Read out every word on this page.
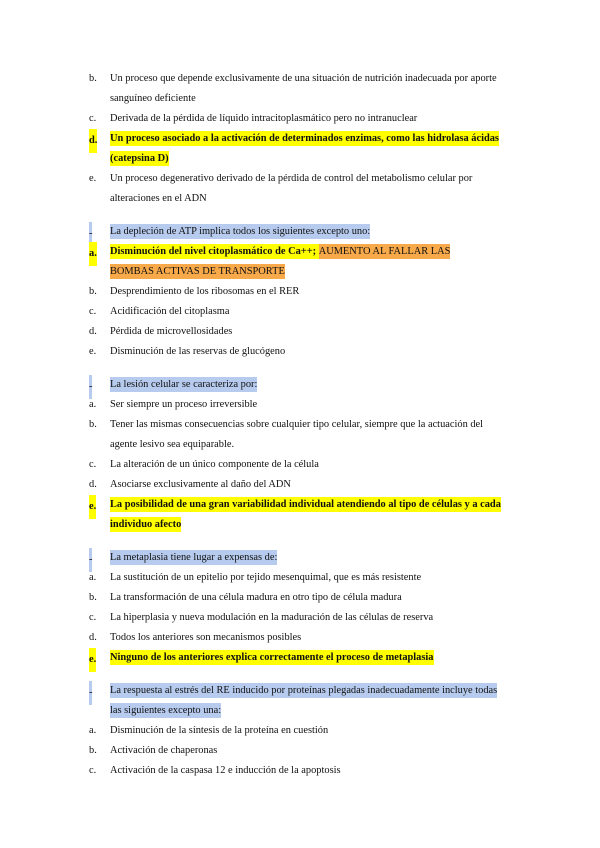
b. Un proceso que depende exclusivamente de una situación de nutrición inadecuada por aporte
sanguíneo deficiente
c. Derivada de la pérdida de líquido intracitoplasmático pero no intranuclear
d. Un proceso asociado a la activación de determinados enzimas, como las hidrolasa ácidas
(catepsina D)
e. Un proceso degenerativo derivado de la pérdida de control del metabolismo celular por
alteraciones en el ADN
- La depleción de ATP implica todos los siguientes excepto uno:
a. Disminución del nivel citoplasmático de Ca++; AUMENTO AL FALLAR LAS
BOMBAS ACTIVAS DE TRANSPORTE
b. Desprendimiento de los ribosomas en el RER
c. Acidificación del citoplasma
d. Pérdida de microvellosidades
e. Disminución de las reservas de glucógeno
- La lesión celular se caracteriza por:
a. Ser siempre un proceso irreversible
b. Tener las mismas consecuencias sobre cualquier tipo celular, siempre que la actuación del
agente lesivo sea equiparable.
c. La alteración de un único componente de la célula
d. Asociarse exclusivamente al daño del ADN
e. La posibilidad de una gran variabilidad individual atendiendo al tipo de células y a cada
individuo afecto
- La metaplasia tiene lugar a expensas de:
a. La sustitución de un epitelio por tejido mesenquimal, que es más resistente
b. La transformación de una célula madura en otro tipo de célula madura
c. La hiperplasia y nueva modulación en la maduración de las células de reserva
d. Todos los anteriores son mecanismos posibles
e. Ninguno de los anteriores explica correctamente el proceso de metaplasia
- La respuesta al estrés del RE inducido por proteínas plegadas inadecuadamente incluye todas
las siguientes excepto una:
a. Disminución de la síntesis de la proteína en cuestión
b. Activación de chaperonas
c. Activación de la caspasa 12 e inducción de la apoptosis
